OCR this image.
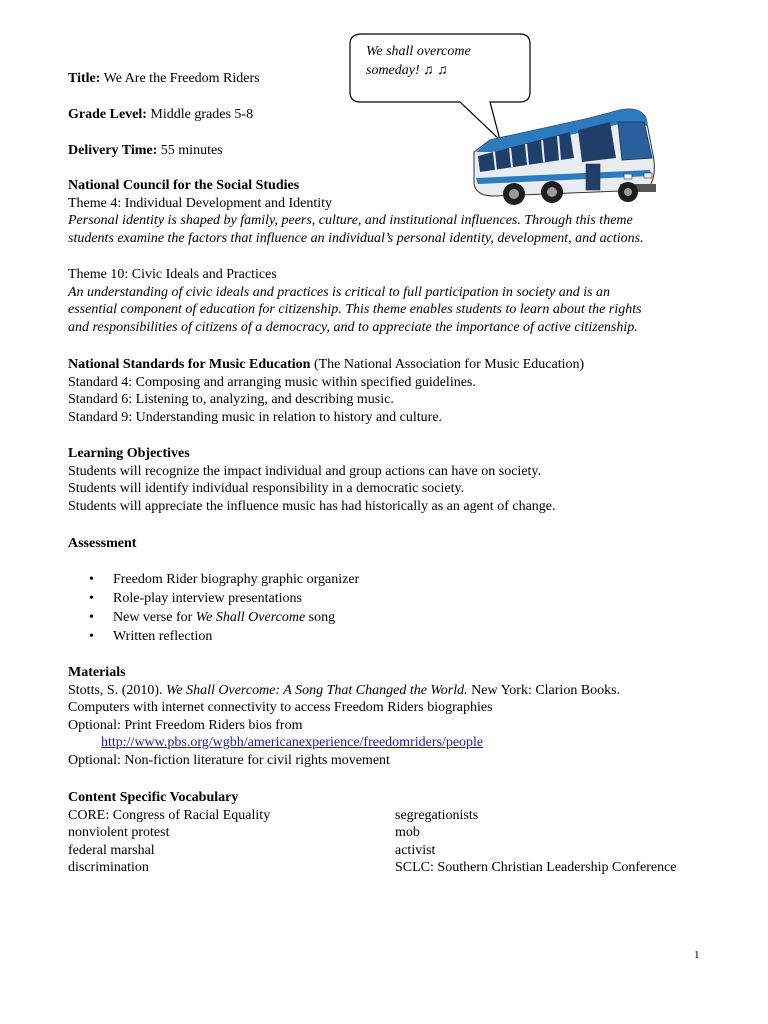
We shall overcome someday! ♫ ♫
Title: We Are the Freedom Riders
Grade Level: Middle grades 5-8
Delivery Time: 55 minutes
National Council for the Social Studies
Theme 4: Individual Development and Identity
Personal identity is shaped by family, peers, culture, and institutional influences. Through this theme
students examine the factors that influence an individual’s personal identity, development, and actions.
Theme 10: Civic Ideals and Practices
An understanding of civic ideals and practices is critical to full participation in society and is an
essential component of education for citizenship. This theme enables students to learn about the rights
and responsibilities of citizens of a democracy, and to appreciate the importance of active citizenship.
National Standards for Music Education (The National Association for Music Education)
Standard 4: Composing and arranging music within specified guidelines.
Standard 6: Listening to, analyzing, and describing music.
Standard 9: Understanding music in relation to history and culture.
Learning Objectives
Students will recognize the impact individual and group actions can have on society.
Students will identify individual responsibility in a democratic society.
Students will appreciate the influence music has had historically as an agent of change.
Assessment
• Freedom Rider biography graphic organizer
• Role-play interview presentations
• New verse for We Shall Overcome song
• Written reflection
Materials
Stotts, S. (2010). We Shall Overcome: A Song That Changed the World. New York: Clarion Books.
Computers with internet connectivity to access Freedom Riders biographies
Optional: Print Freedom Riders bios from
http://www.pbs.org/wgbh/americanexperience/freedomriders/people
Optional: Non-fiction literature for civil rights movement
Content Specific Vocabulary
CORE: Congress of Racial Equality	segregationists
nonviolent protest	mob
federal marshal	activist
discrimination	SCLC: Southern Christian Leadership Conference
1
